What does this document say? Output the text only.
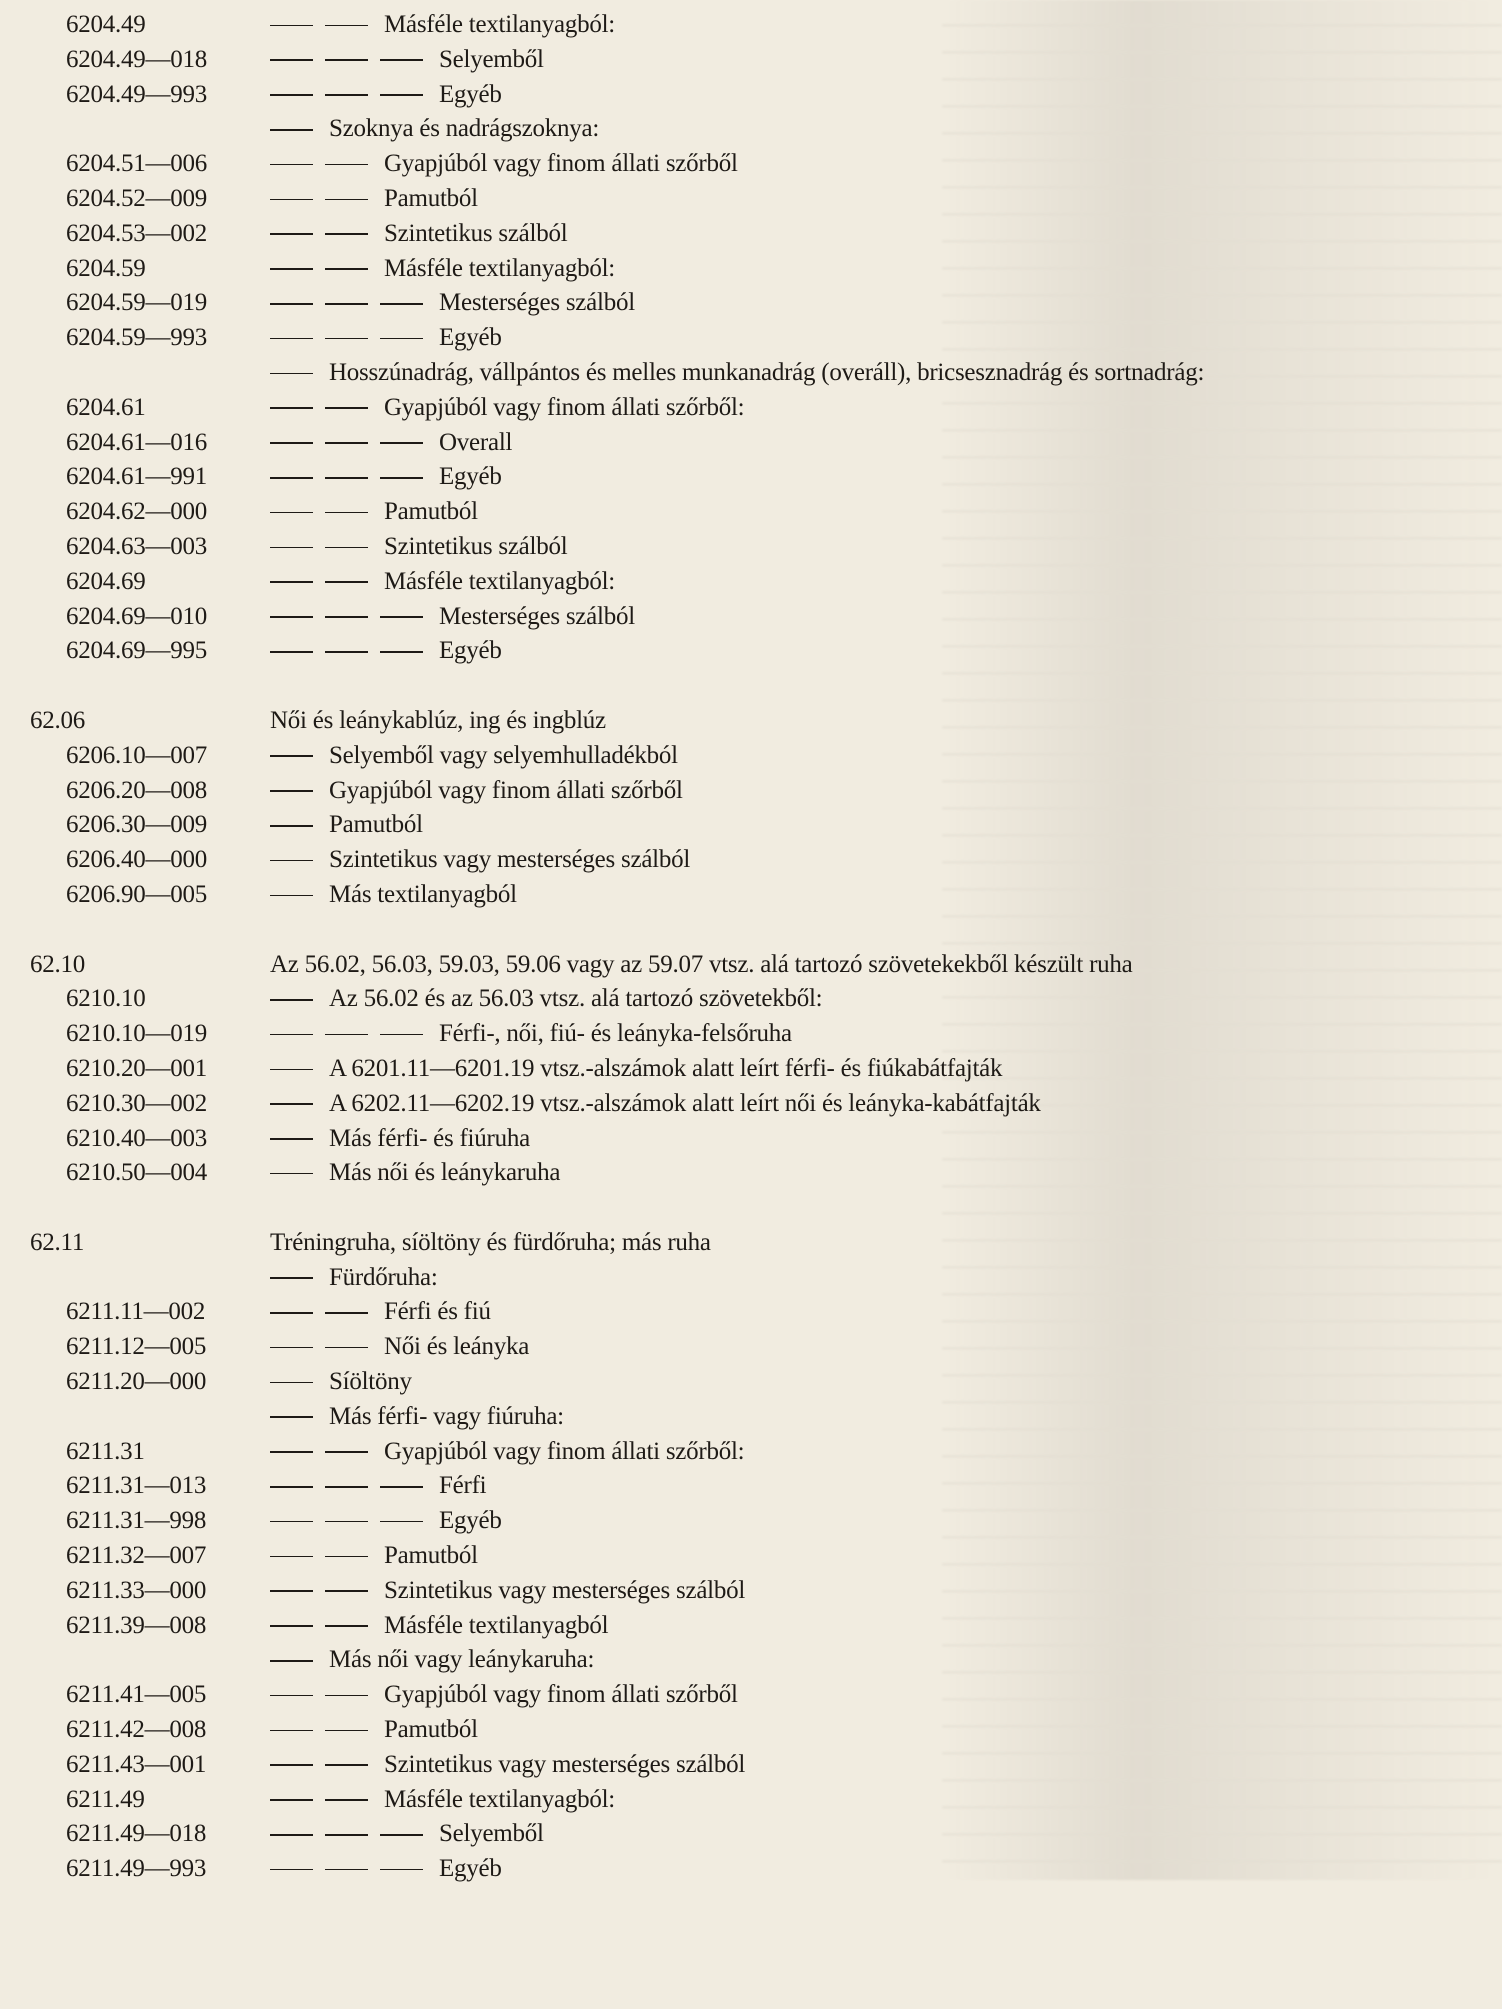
6204.49	Másféle textilanyagból:
6204.49—018	Selyemből
6204.49—993	Egyéb
Szoknya és nadrágszoknya:
6204.51—006	Gyapjúból vagy finom állati szőrből
6204.52—009	Pamutból
6204.53—002	Szintetikus szálból
6204.59	Másféle textilanyagból:
6204.59—019	Mesterséges szálból
6204.59—993	Egyéb
Hosszúnadrág, vállpántos és melles munkanadrág (overáll), bricsesznadrág és sortnadrág:
6204.61	Gyapjúból vagy finom állati szőrből:
6204.61—016	Overall
6204.61—991	Egyéb
6204.62—000	Pamutból
6204.63—003	Szintetikus szálból
6204.69	Másféle textilanyagból:
6204.69—010	Mesterséges szálból
6204.69—995	Egyéb
62.06	Női és leánykablúz, ing és ingblúz
6206.10—007	Selyemből vagy selyemhulladékból
6206.20—008	Gyapjúból vagy finom állati szőrből
6206.30—009	Pamutból
6206.40—000	Szintetikus vagy mesterséges szálból
6206.90—005	Más textilanyagból
62.10	Az 56.02, 56.03, 59.03, 59.06 vagy az 59.07 vtsz. alá tartozó szövetekekből készült ruha
6210.10	Az 56.02 és az 56.03 vtsz. alá tartozó szövetekből:
6210.10—019	Férfi-, női, fiú- és leányka-felsőruha
6210.20—001	A 6201.11—6201.19 vtsz.-alszámok alatt leírt férfi- és fiúkabátfajták
6210.30—002	A 6202.11—6202.19 vtsz.-alszámok alatt leírt női és leányka-kabátfajták
6210.40—003	Más férfi- és fiúruha
6210.50—004	Más női és leánykaruha
62.11	Tréningruha, síöltöny és fürdőruha; más ruha
Fürdőruha:
6211.11—002	Férfi és fiú
6211.12—005	Női és leányka
6211.20—000	Síöltöny
Más férfi- vagy fiúruha:
6211.31	Gyapjúból vagy finom állati szőrből:
6211.31—013	Férfi
6211.31—998	Egyéb
6211.32—007	Pamutból
6211.33—000	Szintetikus vagy mesterséges szálból
6211.39—008	Másféle textilanyagból
Más női vagy leánykaruha:
6211.41—005	Gyapjúból vagy finom állati szőrből
6211.42—008	Pamutból
6211.43—001	Szintetikus vagy mesterséges szálból
6211.49	Másféle textilanyagból:
6211.49—018	Selyemből
6211.49—993	Egyéb
